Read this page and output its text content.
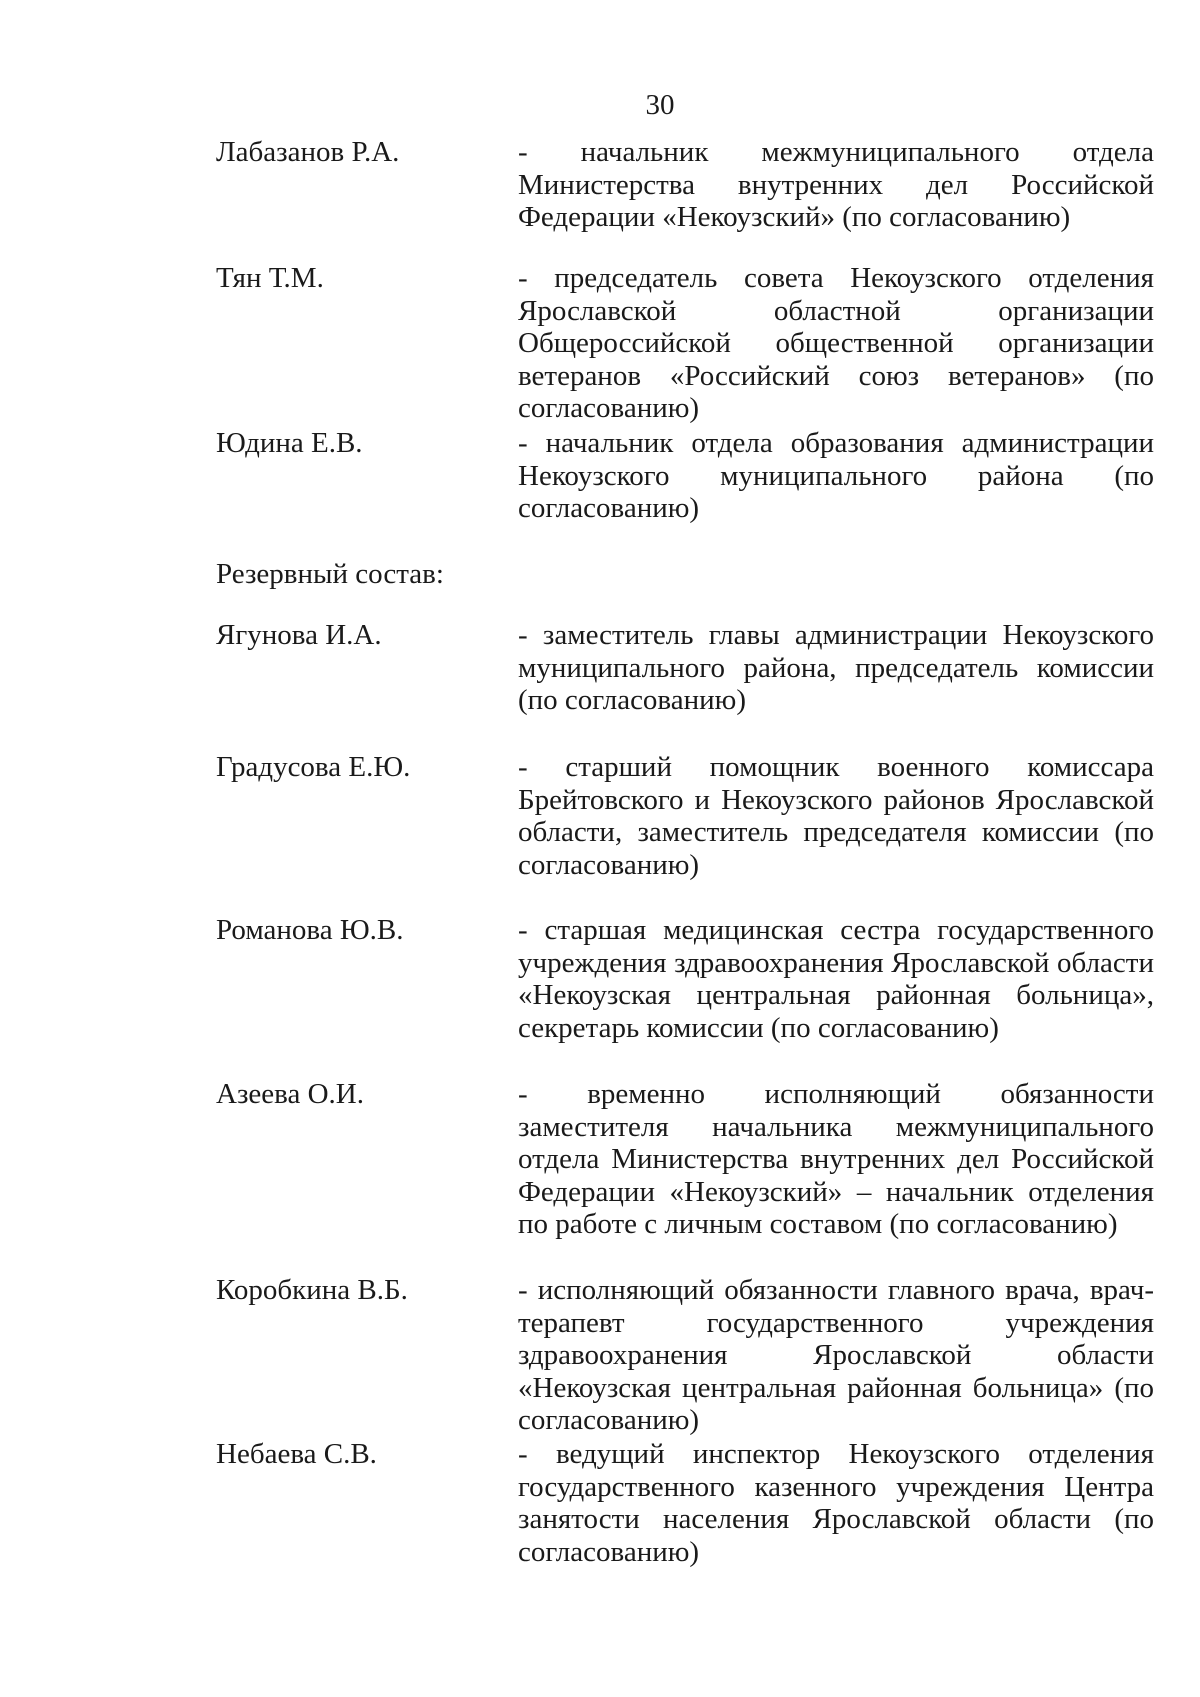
30
Лабазанов Р.А.	- начальник межмуниципального отдела Министерства внутренних дел Российской Федерации «Некоузский» (по согласованию)
Тян Т.М.	- председатель совета Некоузского отделения Ярославской областной организации Общероссийской общественной организации ветеранов «Российский союз ветеранов» (по согласованию)
Юдина Е.В.	- начальник отдела образования администрации Некоузского муниципального района (по согласованию)
Резервный состав:
Ягунова И.А.	- заместитель главы администрации Некоузского муниципального района, председатель комиссии (по согласованию)
Градусова Е.Ю.	- старший помощник военного комиссара Брейтовского и Некоузского районов Ярославской области, заместитель председателя комиссии (по согласованию)
Романова Ю.В.	- старшая медицинская сестра государственного учреждения здравоохранения Ярославской области «Некоузская центральная районная больница», секретарь комиссии (по согласованию)
Азеева О.И.	- временно исполняющий обязанности заместителя начальника межмуниципального отдела Министерства внутренних дел Российской Федерации «Некоузский» – начальник отделения по работе с личным составом (по согласованию)
Коробкина В.Б.	- исполняющий обязанности главного врача, врач-терапевт государственного учреждения здравоохранения Ярославской области «Некоузская центральная районная больница» (по согласованию)
Небаева С.В.	- ведущий инспектор Некоузского отделения государственного казенного учреждения Центра занятости населения Ярославской области (по согласованию)
